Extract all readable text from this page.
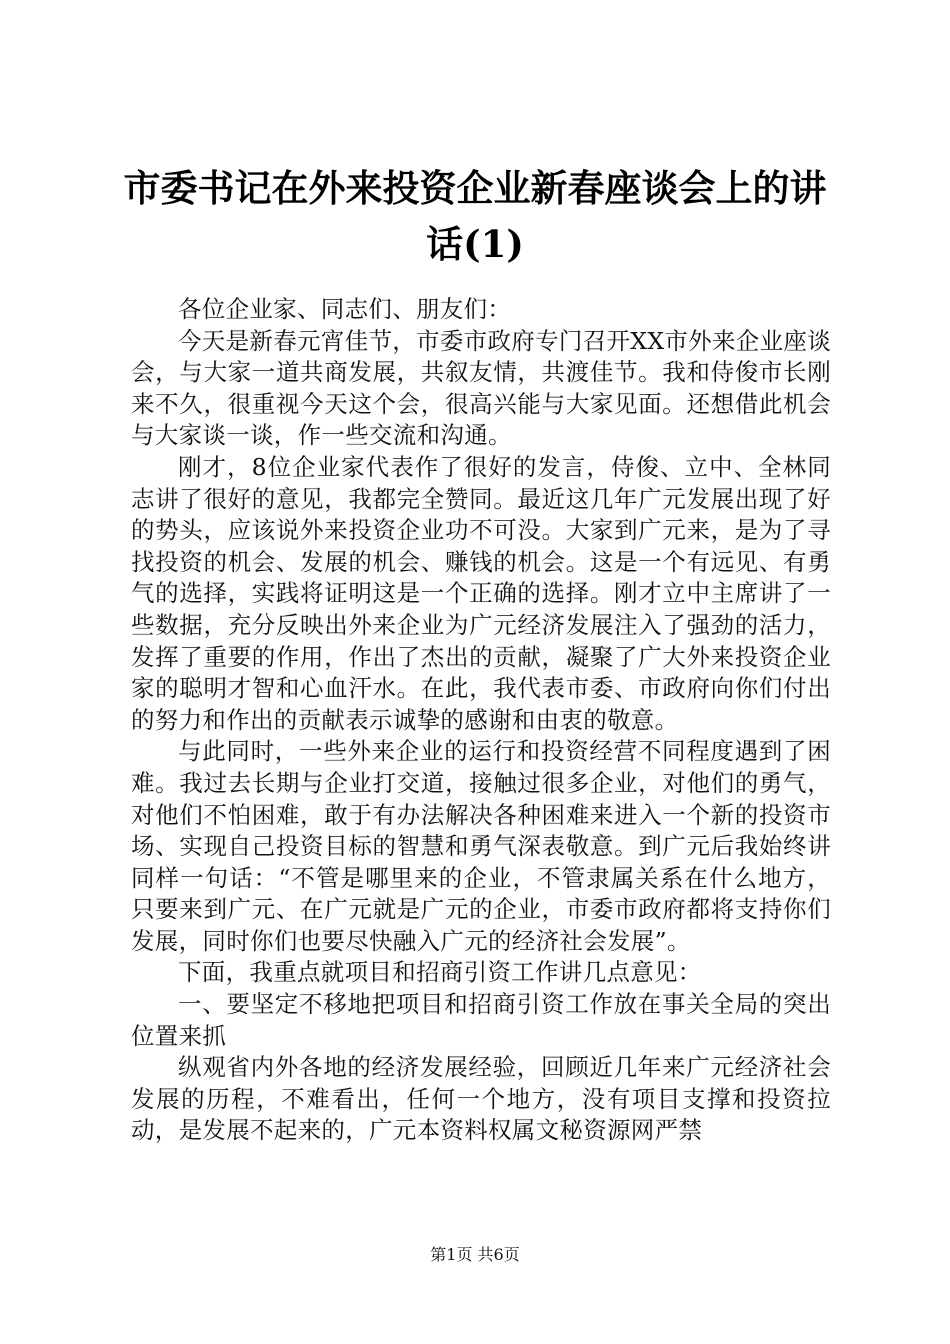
市委书记在外来投资企业新春座谈会上的讲话(1)

各位企业家、同志们、朋友们：

今天是新春元宵佳节，市委市政府专门召开XX市外来企业座谈会，与大家一道共商发展，共叙友情，共渡佳节。我和侍俊市长刚来不久，很重视今天这个会，很高兴能与大家见面。还想借此机会与大家谈一谈，作一些交流和沟通。

刚才，8位企业家代表作了很好的发言，侍俊、立中、全林同志讲了很好的意见，我都完全赞同。最近这几年广元发展出现了好的势头，应该说外来投资企业功不可没。大家到广元来，是为了寻找投资的机会、发展的机会、赚钱的机会。这是一个有远见、有勇气的选择，实践将证明这是一个正确的选择。刚才立中主席讲了一些数据，充分反映出外来企业为广元经济发展注入了强劲的活力，发挥了重要的作用，作出了杰出的贡献，凝聚了广大外来投资企业家的聪明才智和心血汗水。在此，我代表市委、市政府向你们付出的努力和作出的贡献表示诚挚的感谢和由衷的敬意。

与此同时，一些外来企业的运行和投资经营不同程度遇到了困难。我过去长期与企业打交道，接触过很多企业，对他们的勇气，对他们不怕困难，敢于有办法解决各种困难来进入一个新的投资市场、实现自己投资目标的智慧和勇气深表敬意。到广元后我始终讲同样一句话：“不管是哪里来的企业，不管隶属关系在什么地方，只要来到广元、在广元就是广元的企业，市委市政府都将支持你们发展，同时你们也要尽快融入广元的经济社会发展”。

下面，我重点就项目和招商引资工作讲几点意见：

一、要坚定不移地把项目和招商引资工作放在事关全局的突出位置来抓

纵观省内外各地的经济发展经验，回顾近几年来广元经济社会发展的历程，不难看出，任何一个地方，没有项目支撑和投资拉动，是发展不起来的，广元本资料权属文秘资源网严禁

第1页 共6页
